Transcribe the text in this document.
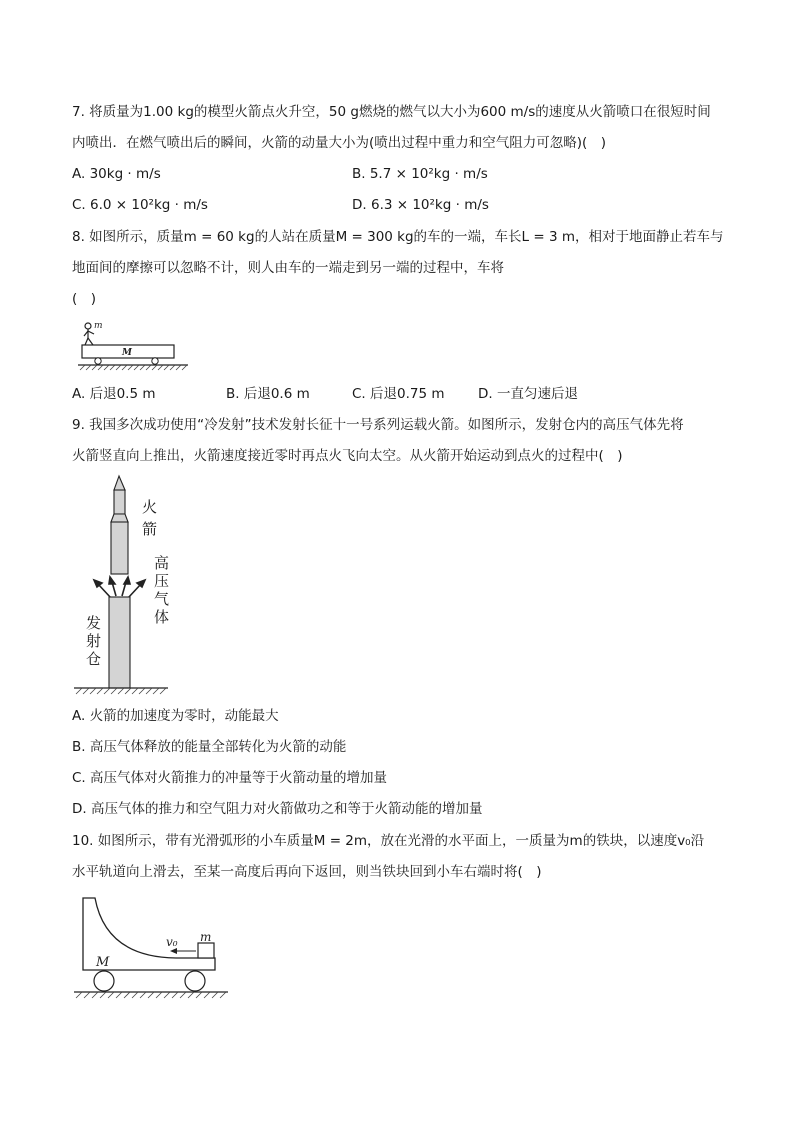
7. 将质量为1.00 kg的模型火箭点火升空，50 g燃烧的燃气以大小为600 m/s的速度从火箭喷口在很短时间
内喷出．在燃气喷出后的瞬间，火箭的动量大小为(喷出过程中重力和空气阻力可忽略)(　)
A. 30kg · m/s	B. 5.7 × 10²kg · m/s
C. 6.0 × 10²kg · m/s	D. 6.3 × 10²kg · m/s
8. 如图所示，质量m = 60 kg的人站在质量M = 300 kg的车的一端，车长L = 3 m，相对于地面静止若车与
地面间的摩擦可以忽略不计，则人由车的一端走到另一端的过程中，车将
(　)
M
m
A. 后退0.5 m	B. 后退0.6 m	C. 后退0.75 m D. 一直匀速后退
9. 我国多次成功使用“冷发射”技术发射长征十一号系列运载火箭。如图所示，发射仓内的高压气体先将
火箭竖直向上推出，火箭速度接近零时再点火飞向太空。从火箭开始运动到点火的过程中(　)
火
箭
高
压
气
体
发
射
仓
A. 火箭的加速度为零时，动能最大
B. 高压气体释放的能量全部转化为火箭的动能
C. 高压气体对火箭推力的冲量等于火箭动量的增加量
D. 高压气体的推力和空气阻力对火箭做功之和等于火箭动能的增加量
10. 如图所示，带有光滑弧形的小车质量M = 2m，放在光滑的水平面上，一质量为m的铁块，以速度v₀沿
水平轨道向上滑去，至某一高度后再向下返回，则当铁块回到小车右端时将(　)
m
v₀
M
